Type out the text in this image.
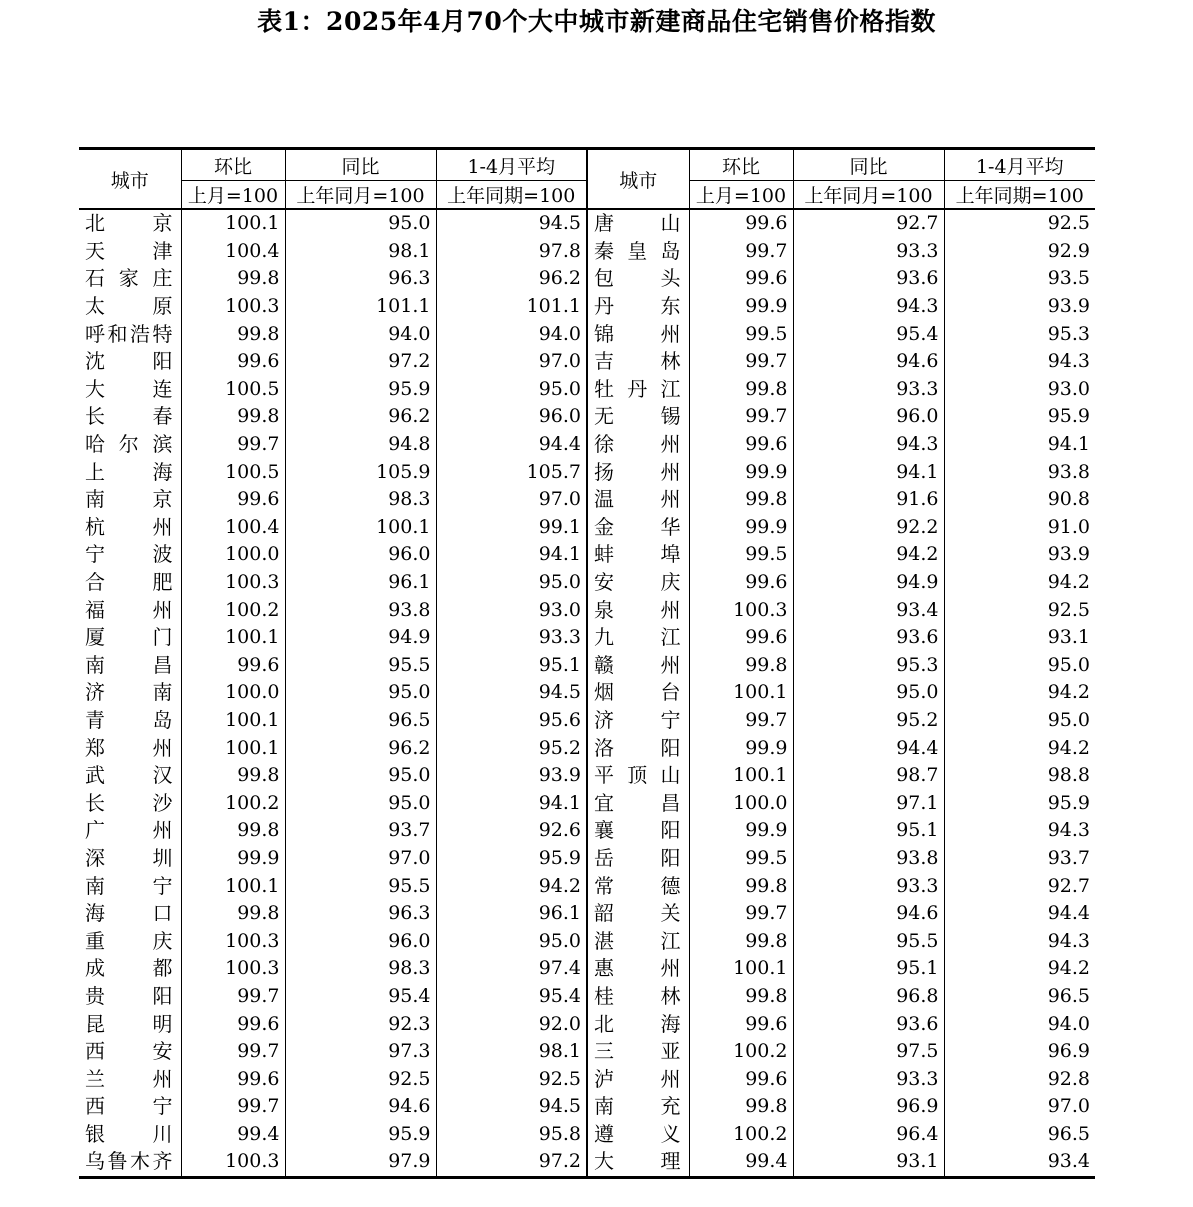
表1：2025年4月70个大中城市新建商品住宅销售价格指数
城市	环比	同比	1-4月平均	城市	环比	同比	1-4月平均
	上月=100	上年同月=100	上年同期=100		上月=100	上年同月=100	上年同期=100
北　京	100.1	95.0	94.5	唐　山	99.6	92.7	92.5
天　津	100.4	98.1	97.8	秦皇岛	99.7	93.3	92.9
石家庄	99.8	96.3	96.2	包　头	99.6	93.6	93.5
太　原	100.3	101.1	101.1	丹　东	99.9	94.3	93.9
呼和浩特	99.8	94.0	94.0	锦　州	99.5	95.4	95.3
沈　阳	99.6	97.2	97.0	吉　林	99.7	94.6	94.3
大　连	100.5	95.9	95.0	牡丹江	99.8	93.3	93.0
长　春	99.8	96.2	96.0	无　锡	99.7	96.0	95.9
哈尔滨	99.7	94.8	94.4	徐　州	99.6	94.3	94.1
上　海	100.5	105.9	105.7	扬　州	99.9	94.1	93.8
南　京	99.6	98.3	97.0	温　州	99.8	91.6	90.8
杭　州	100.4	100.1	99.1	金　华	99.9	92.2	91.0
宁　波	100.0	96.0	94.1	蚌　埠	99.5	94.2	93.9
合　肥	100.3	96.1	95.0	安　庆	99.6	94.9	94.2
福　州	100.2	93.8	93.0	泉　州	100.3	93.4	92.5
厦　门	100.1	94.9	93.3	九　江	99.6	93.6	93.1
南　昌	99.6	95.5	95.1	赣　州	99.8	95.3	95.0
济　南	100.0	95.0	94.5	烟　台	100.1	95.0	94.2
青　岛	100.1	96.5	95.6	济　宁	99.7	95.2	95.0
郑　州	100.1	96.2	95.2	洛　阳	99.9	94.4	94.2
武　汉	99.8	95.0	93.9	平顶山	100.1	98.7	98.8
长　沙	100.2	95.0	94.1	宜　昌	100.0	97.1	95.9
广　州	99.8	93.7	92.6	襄　阳	99.9	95.1	94.3
深　圳	99.9	97.0	95.9	岳　阳	99.5	93.8	93.7
南　宁	100.1	95.5	94.2	常　德	99.8	93.3	92.7
海　口	99.8	96.3	96.1	韶　关	99.7	94.6	94.4
重　庆	100.3	96.0	95.0	湛　江	99.8	95.5	94.3
成　都	100.3	98.3	97.4	惠　州	100.1	95.1	94.2
贵　阳	99.7	95.4	95.4	桂　林	99.8	96.8	96.5
昆　明	99.6	92.3	92.0	北　海	99.6	93.6	94.0
西　安	99.7	97.3	98.1	三　亚	100.2	97.5	96.9
兰　州	99.6	92.5	92.5	泸　州	99.6	93.3	92.8
西　宁	99.7	94.6	94.5	南　充	99.8	96.9	97.0
银　川	99.4	95.9	95.8	遵　义	100.2	96.4	96.5
乌鲁木齐	100.3	97.9	97.2	大　理	99.4	93.1	93.4
